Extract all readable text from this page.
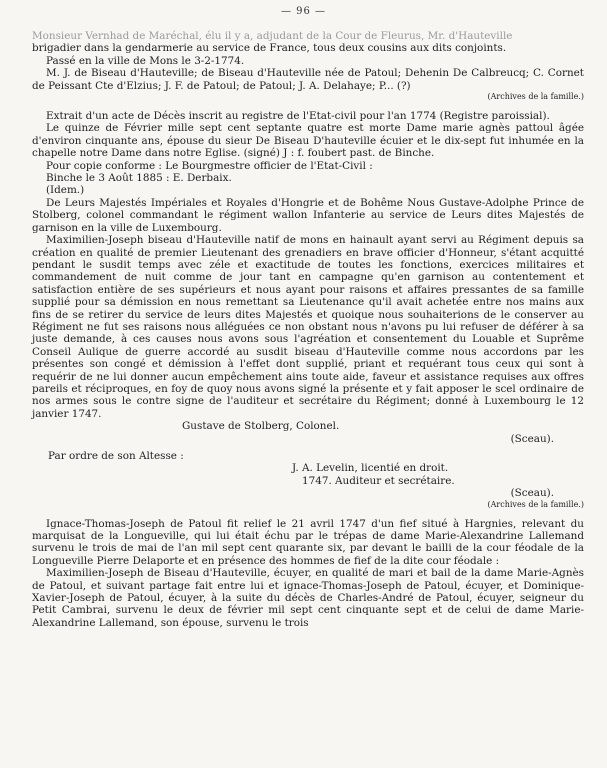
— 96 —

Monsieur Vernhad de Maréchal, élu il y a, adjudant de la Cour de Fleurus, Mr. d'Hauteville

brigadier dans la gendarmerie au service de France, tous deux cousins aux dits conjoints.

Passé en la ville de Mons le 3-2-1774.

M. J. de Biseau d'Hauteville; de Biseau d'Hauteville née de Patoul; Dehenin De Calbreucq; C. Cornet de Peissant Cte d'Elzius; J. F. de Patoul; de Patoul; J. A. Delahaye; P... (?)

(Archives de la famille.)

Extrait d'un acte de Décès inscrit au registre de l'Etat-civil pour l'an 1774 (Registre paroissial).

Le quinze de Février mille sept cent septante quatre est morte Dame marie agnès pattoul âgée d'environ cinquante ans, épouse du sieur De Biseau D'hauteville écuier et le dix-sept fut inhumée en la chapelle notre Dame dans notre Eglise. (signé) J : f. foubert past. de Binche.

Pour copie conforme : Le Bourgmestre officier de l'Etat-Civil :

Binche le 3 Août 1885 : E. Derbaix.

(Idem.)

De Leurs Majestés Impériales et Royales d'Hongrie et de Bohême Nous Gustave-Adolphe Prince de Stolberg, colonel commandant le régiment wallon Infanterie au service de Leurs dites Majestés de garnison en la ville de Luxembourg.

Maximilien-Joseph biseau d'Hauteville natif de mons en hainault ayant servi au Régiment depuis sa création en qualité de premier Lieutenant des grenadiers en brave officier d'Honneur, s'étant acquitté pendant le susdit temps avec zéle et exactitude de toutes les fonctions, exercices militaires et commandement de nuit comme de jour tant en campagne qu'en garnison au contentement et satisfaction entière de ses supérieurs et nous ayant pour raisons et affaires pressantes de sa famille supplié pour sa démission en nous remettant sa Lieutenance qu'il avait achetée entre nos mains aux fins de se retirer du service de leurs dites Majestés et quoique nous souhaiterions de le conserver au Régiment ne fut ses raisons nous alléguées ce non obstant nous n'avons pu lui refuser de déférer à sa juste demande, à ces causes nous avons sous l'agréation et consentement du Louable et Suprême Conseil Aulique de guerre accordé au susdit biseau d'Hauteville comme nous accordons par les présentes son congé et démission à l'effet dont supplié, priant et requérant tous ceux qui sont à requérir de ne lui donner aucun empêchement ains toute aide, faveur et assistance requises aux offres pareils et réciproques, en foy de quoy nous avons signé la présente et y fait apposer le scel ordinaire de nos armes sous le contre signe de l'auditeur et secrétaire du Régiment; donné à Luxembourg le 12 janvier 1747.

Gustave de Stolberg, Colonel.

(Sceau).

Par ordre de son Altesse :

J. A. Levelin, licentié en droit.

1747. Auditeur et secrétaire.

(Sceau).

(Archives de la famille.)

Ignace-Thomas-Joseph de Patoul fit relief le 21 avril 1747 d'un fief situé à Hargnies, relevant du marquisat de la Longueville, qui lui était échu par le trépas de dame Marie-Alexandrine Lallemand survenu le trois de mai de l'an mil sept cent quarante six, par devant le bailli de la cour féodale de la Longueville Pierre Delaporte et en présence des hommes de fief de la dite cour féodale :

Maximilien-Joseph de Biseau d'Hauteville, écuyer, en qualité de mari et bail de la dame Marie-Agnès de Patoul, et suivant partage fait entre lui et ignace-Thomas-Joseph de Patoul, écuyer, et Dominique-Xavier-Joseph de Patoul, écuyer, à la suite du décès de Charles-André de Patoul, écuyer, seigneur du Petit Cambrai, survenu le deux de février mil sept cent cinquante sept et de celui de dame Marie-Alexandrine Lallemand, son épouse, survenu le trois
